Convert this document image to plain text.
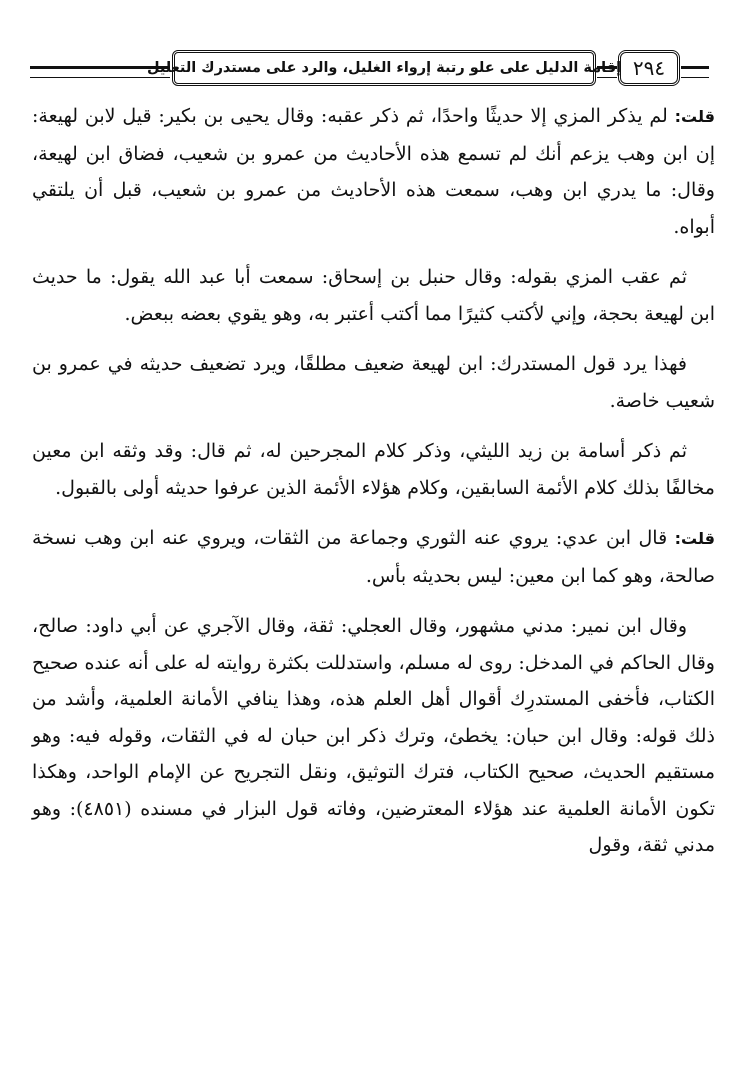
إقامة الدليل على علو رتبة إرواء الغليل، والرد على مستدرك التعليل ٢٩٤

قلت: لم يذكر المزي إلا حديثًا واحدًا، ثم ذكر عقبه: وقال يحيى بن بكير: قيل لابن لهيعة: إن ابن وهب يزعم أنك لم تسمع هذه الأحاديث من عمرو بن شعيب، فضاق ابن لهيعة، وقال: ما يدري ابن وهب، سمعت هذه الأحاديث من عمرو بن شعيب، قبل أن يلتقي أبواه.

ثم عقب المزي بقوله: وقال حنبل بن إسحاق: سمعت أبا عبد الله يقول: ما حديث ابن لهيعة بحجة، وإني لأكتب كثيرًا مما أكتب أعتبر به، وهو يقوي بعضه ببعض.

فهذا يرد قول المستدرك: ابن لهيعة ضعيف مطلقًا، ويرد تضعيف حديثه في عمرو بن شعيب خاصة.

ثم ذكر أسامة بن زيد الليثي، وذكر كلام المجرحين له، ثم قال: وقد وثقه ابن معين مخالفًا بذلك كلام الأئمة السابقين، وكلام هؤلاء الأئمة الذين عرفوا حديثه أولى بالقبول.

قلت: قال ابن عدي: يروي عنه الثوري وجماعة من الثقات، ويروي عنه ابن وهب نسخة صالحة، وهو كما ابن معين: ليس بحديثه بأس.

وقال ابن نمير: مدني مشهور، وقال العجلي: ثقة، وقال الآجري عن أبي داود: صالح، وقال الحاكم في المدخل: روى له مسلم، واستدللت بكثرة روايته له على أنه عنده صحيح الكتاب، فأخفى المستدرِك أقوال أهل العلم هذه، وهذا ينافي الأمانة العلمية، وأشد من ذلك قوله: وقال ابن حبان: يخطئ، وترك ذكر ابن حبان له في الثقات، وقوله فيه: وهو مستقيم الحديث، صحيح الكتاب، فترك التوثيق، ونقل التجريح عن الإمام الواحد، وهكذا تكون الأمانة العلمية عند هؤلاء المعترضين، وفاته قول البزار في مسنده (٤٨٥١): وهو مدني ثقة، وقول
